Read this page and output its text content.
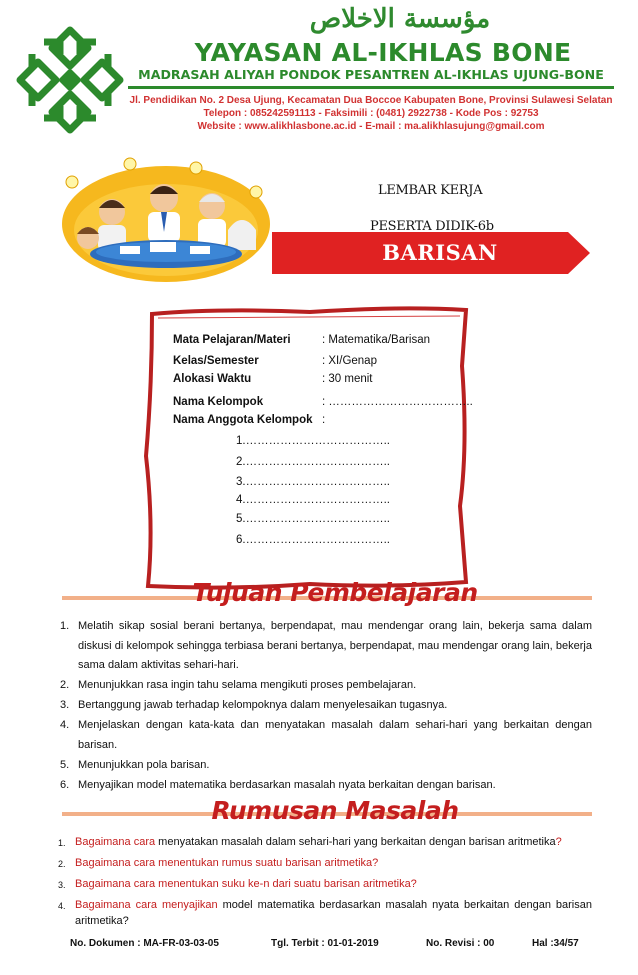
مؤسسة الاخلاص
YAYASAN AL-IKHLAS BONE
MADRASAH ALIYAH PONDOK PESANTREN AL-IKHLAS UJUNG-BONE
Jl. Pendidikan No. 2 Desa Ujung, Kecamatan Dua Boccoe Kabupaten Bone, Provinsi Sulawesi Selatan
Telepon : 085242591113 - Faksimili : (0481) 2922738 - Kode Pos : 92753
Website : www.alikhlasbone.ac.id - E-mail : ma.alikhlasujung@gmail.com
LEMBAR KERJA
PESERTA DIDIK-6b
BARISAN
Mata Pelajaran/Materi	: Matematika/Barisan
Kelas/Semester	: XI/Genap
Alokasi Waktu	: 30 menit
Nama Kelompok	: ………………………………..
Nama Anggota Kelompok :
1.………………………………..
2.………………………………..
3.………………………………..
4.………………………………..
5.………………………………..
6.………………………………..
Tujuan Pembelajaran
1. Melatih sikap sosial berani bertanya, berpendapat, mau mendengar orang lain, bekerja sama dalam diskusi di kelompok sehingga terbiasa berani bertanya, berpendapat, mau mendengar orang lain, bekerja sama dalam aktivitas sehari-hari.
2. Menunjukkan rasa ingin tahu selama mengikuti proses pembelajaran.
3. Bertanggung jawab terhadap kelompoknya dalam menyelesaikan tugasnya.
4. Menjelaskan dengan kata-kata dan menyatakan masalah dalam sehari-hari yang berkaitan dengan barisan.
5. Menunjukkan pola barisan.
6. Menyajikan model matematika berdasarkan masalah nyata berkaitan dengan barisan.
Rumusan Masalah
1. Bagaimana cara menyatakan masalah dalam sehari-hari yang berkaitan dengan barisan aritmetika?
2. Bagaimana cara menentukan rumus suatu barisan aritmetika?
3. Bagaimana cara menentukan suku ke-n dari suatu barisan aritmetika?
4. Bagaimana cara menyajikan model matematika berdasarkan masalah nyata berkaitan dengan barisan aritmetika?
No. Dokumen : MA-FR-03-03-05	Tgl. Terbit : 01-01-2019	No. Revisi : 00	Hal :34/57
